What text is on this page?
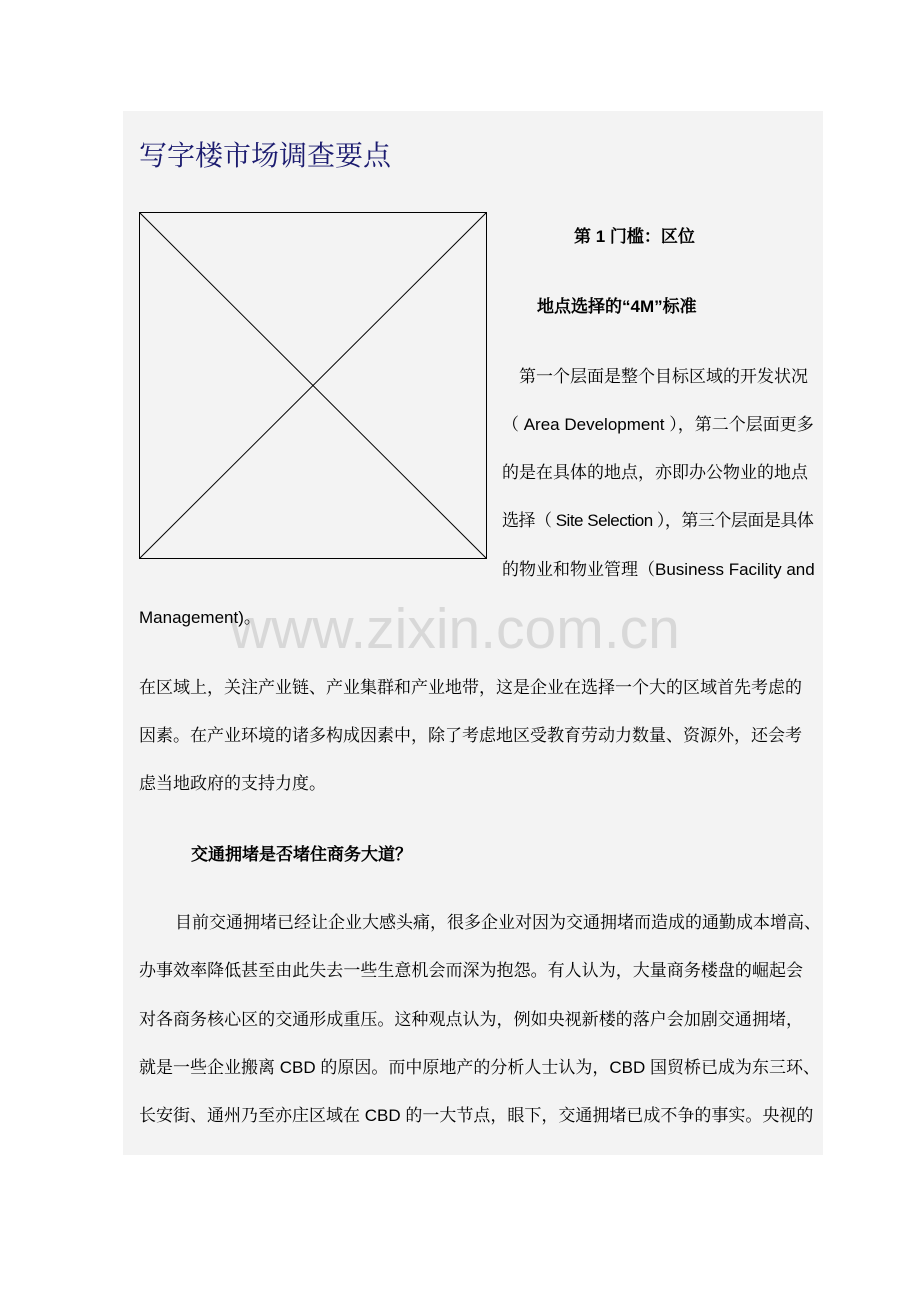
写字楼市场调查要点
第 1 门槛：区位
地点选择的“4M”标准
第一个层面是整个目标区域的开发状况
（ Area Development ），第二个层面更多
的是在具体的地点，亦即办公物业的地点
选择（ Site Selection ），第三个层面是具体
的物业和物业管理（Business Facility and
www.zixin.com.cn
Management)。
在区域上，关注产业链、产业集群和产业地带，这是企业在选择一个大的区域首先考虑的
因素。在产业环境的诸多构成因素中，除了考虑地区受教育劳动力数量、资源外，还会考
虑当地政府的支持力度。
交通拥堵是否堵住商务大道？
目前交通拥堵已经让企业大感头痛，很多企业对因为交通拥堵而造成的通勤成本增高、
办事效率降低甚至由此失去一些生意机会而深为抱怨。有人认为，大量商务楼盘的崛起会
对各商务核心区的交通形成重压。这种观点认为，例如央视新楼的落户会加剧交通拥堵，
就是一些企业搬离 CBD 的原因。而中原地产的分析人士认为，CBD 国贸桥已成为东三环、
长安街、通州乃至亦庄区域在 CBD 的一大节点，眼下，交通拥堵已成不争的事实。央视的
